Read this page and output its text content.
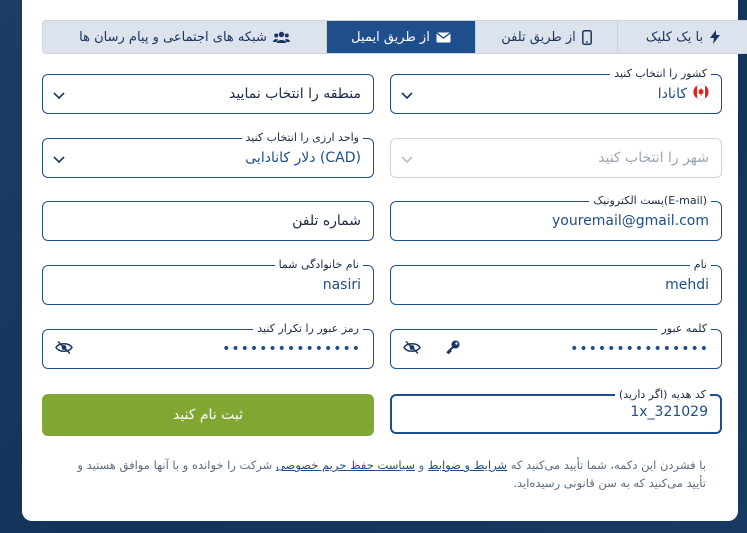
با یک کلیک
از طریق تلفن
از طریق ایمیل
شبکه های اجتماعی و پیام رسان ها
کشور را انتخاب کنید
کانادا
منطقه را انتخاب نمایید
شهر را انتخاب کنید
واحد ارزی را انتخاب کنید
دلار کانادایی (CAD)
پست الکترونیک(E-mail)
youremail@gmail.com
شماره تلفن
نام
mehdi
نام خانوادگی شما
nasiri
کلمه عبور
•••••••••••••••
رمز عبور را تکرار کنید
•••••••••••••••
کد هدیه (اگر دارید)
1x_321029
ثبت نام کنید
با فشردن این دکمه، شما تأیید می‌کنید که شرایط و ضوابط و سیاست حفظ حریم خصوصی شرکت را خوانده و با آنها موافق هستید و تأیید می‌کنید که به سن قانونی رسیده‌اید.
